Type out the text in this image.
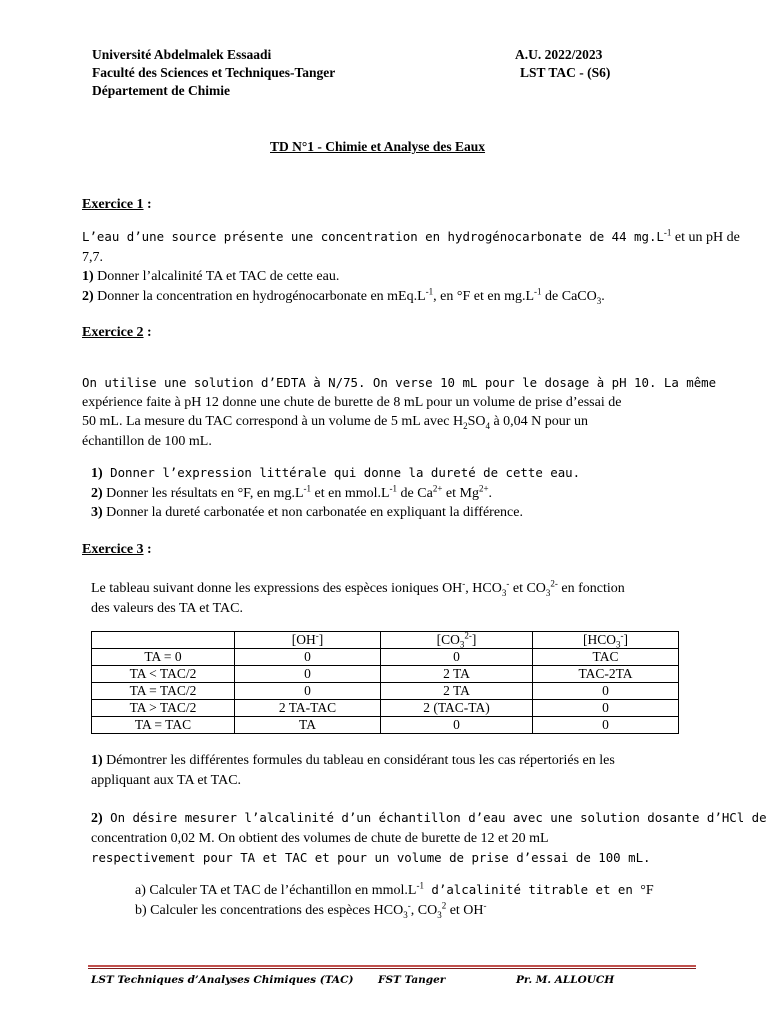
Université Abdelmalek Essaadi
Faculté des Sciences et Techniques-Tanger
Département de Chimie
A.U. 2022/2023
LST TAC - (S6)
TD N°1 - Chimie et Analyse des Eaux
Exercice 1 :
L’eau d’une source présente une concentration en hydrogénocarbonate de 44 $mg.L^{-1}$ et un pH de
7,7.
1) Donner l’alcalinité TA et TAC de cette eau.
2) Donner la concentration en hydrogénocarbonate en $mEq.L^{-1}$, en °F et en $mg.L^{-1}$ de CaCO$_3$.
Exercice 2 :
On utilise une solution d’EDTA à N/75. On verse 10 mL pour le dosage à pH 10. La même
expérience faite à pH 12 donne une chute de burette de 8 mL pour un volume de prise d’essai de
50 mL. La mesure du TAC correspond à un volume de 5 mL avec $H_2SO_4$ à 0,04 N pour un
échantillon de 100 mL.
1) Donner l’expression littérale qui donne la dureté de cette eau.
2) Donner les résultats en °F, en $mg.L^{-1}$ et en $mmol.L^{-1}$ de $Ca^{2+}$ et $Mg^{2+}$.
3) Donner la dureté carbonatée et non carbonatée en expliquant la différence.
Exercice 3 :
Le tableau suivant donne les expressions des espèces ioniques OH-, $HCO_3^-$ et $CO_3^{2-}$ en fonction
des valeurs des TA et TAC.
	[OH-]	$[CO_3^{2-}]$	$[HCO_3^-]$
TA = 0	0	0	TAC
TA < TAC/2	0	2 TA	TAC-2TA
TA = TAC/2	0	2 TA	0
TA > TAC/2	2 TA-TAC	2 (TAC-TA)	0
TA = TAC	TA	0	0
1) Démontrer les différentes formules du tableau en considérant tous les cas répertoriés en les
appliquant aux TA et TAC.
2) On désire mesurer l’alcalinité d’un échantillon d’eau avec une solution dosante d’HCl de
concentration 0,02 M. On obtient des volumes de chute de burette de 12 et 20 mL
respectivement pour TA et TAC et pour un volume de prise d’essai de 100 mL.
a) Calculer TA et TAC de l’échantillon en $mmol.L^{-1}$ d’alcalinité titrable et en °F
b) Calculer les concentrations des espèces $HCO_3^-$, $CO_3^2$ et OH-
LST Techniques d’Analyses Chimiques (TAC) FST Tanger	Pr. M. ALLOUCH
